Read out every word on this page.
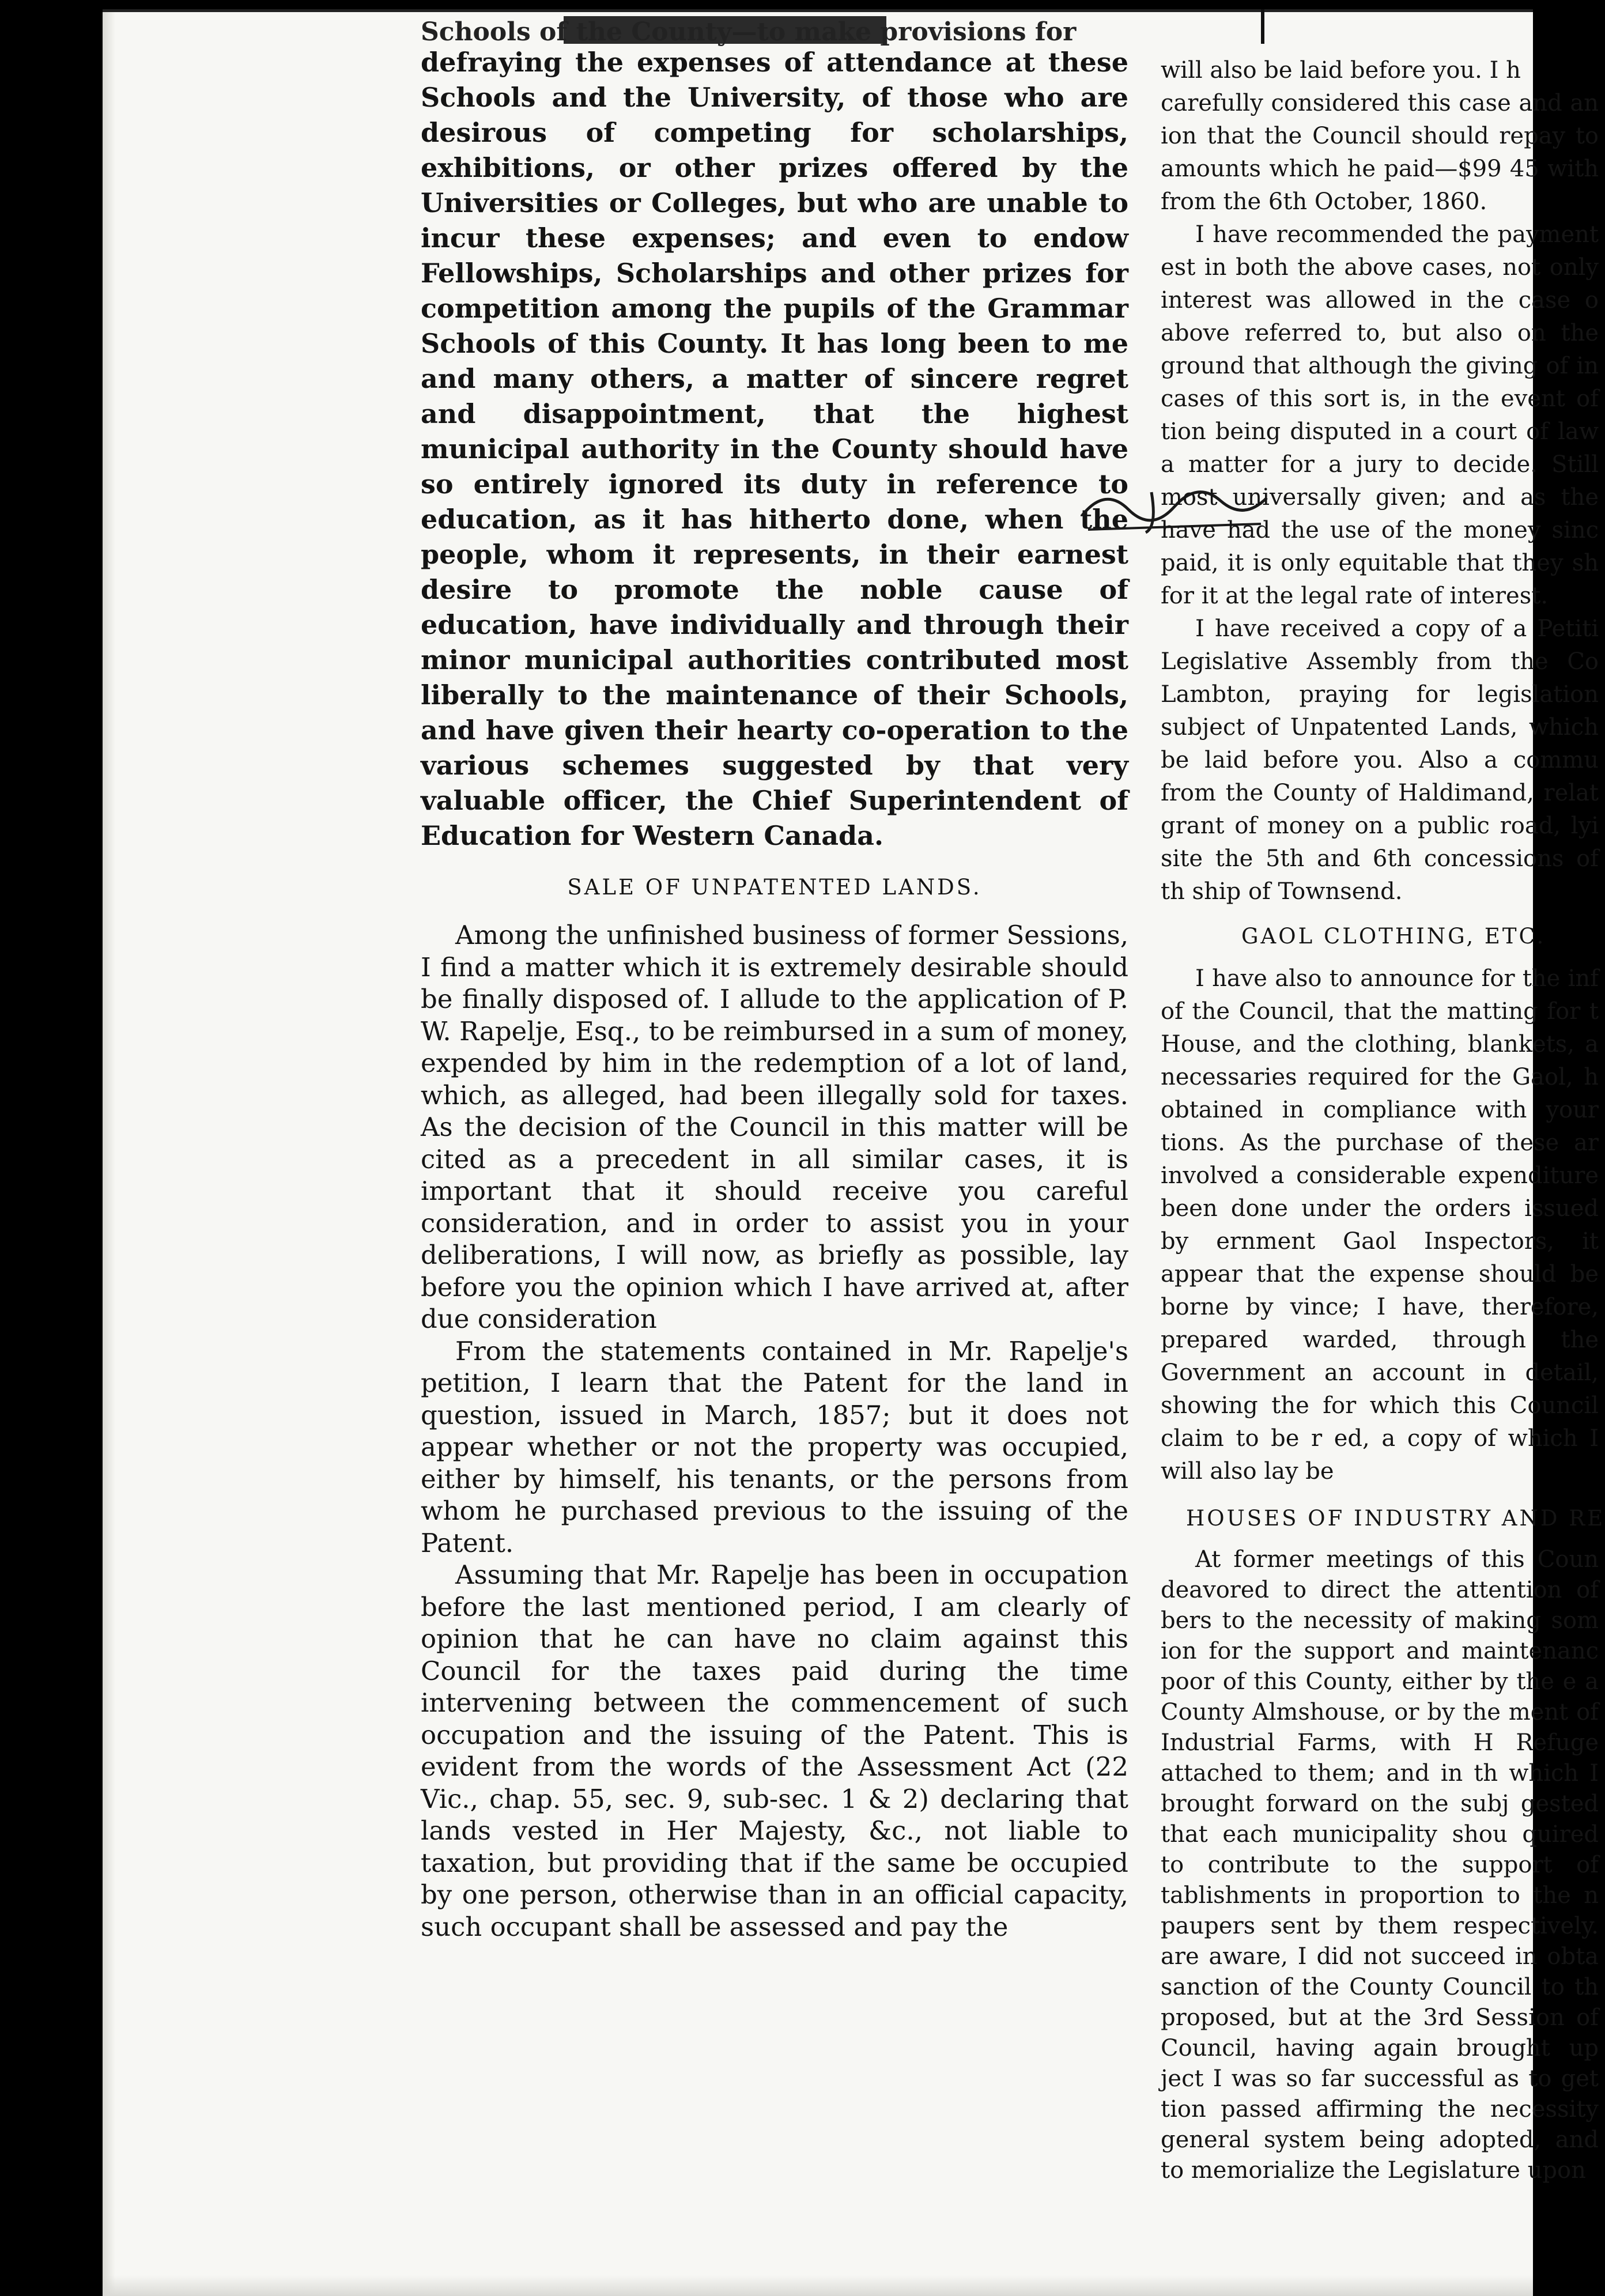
Schools of the County—to make provisions for

defraying the expenses of attendance at these Schools and the University, of those who are desirous of competing for scholarships, exhibitions, or other prizes offered by the Universities or Colleges, but who are unable to incur these expenses; and even to endow Fellowships, Scholarships and other prizes for competition among the pupils of the Grammar Schools of this County. It has long been to me and many others, a matter of sincere regret and disappointment, that the highest municipal authority in the County should have so entirely ignored its duty in reference to education, as it has hitherto done, when the people, whom it represents, in their earnest desire to promote the noble cause of education, have individually and through their minor municipal authorities contributed most liberally to the maintenance of their Schools, and have given their hearty co-operation to the various schemes suggested by that very valuable officer, the Chief Superintendent of Education for Western Canada.

SALE OF UNPATENTED LANDS.

Among the unfinished business of former Sessions, I find a matter which it is extremely desirable should be finally disposed of. I allude to the application of P. W. Rapelje, Esq., to be reimbursed in a sum of money, expended by him in the redemption of a lot of land, which, as alleged, had been illegally sold for taxes. As the decision of the Council in this matter will be cited as a precedent in all similar cases, it is important that it should receive you careful consideration, and in order to assist you in your deliberations, I will now, as briefly as possible, lay before you the opinion which I have arrived at, after due consideration

From the statements contained in Mr. Rapelje's petition, I learn that the Patent for the land in question, issued in March, 1857; but it does not appear whether or not the property was occupied, either by himself, his tenants, or the persons from whom he purchased previous to the issuing of the Patent.

Assuming that Mr. Rapelje has been in occupation before the last mentioned period, I am clearly of opinion that he can have no claim against this Council for the taxes paid during the time intervening between the commencement of such occupation and the issuing of the Patent. This is evident from the words of the Assessment Act (22 Vic., chap. 55, sec. 9, sub-sec. 1 & 2) declaring that lands vested in Her Majesty, &c., not liable to taxation, but providing that if the same be occupied by one person, otherwise than in an official capacity, such occupant shall be assessed and pay the

will also be laid before you. I h

carefully considered this case and an ion that the Council should repay to amounts which he paid—$99 45 with from the 6th October, 1860.

I have recommended the payment est in both the above cases, not only interest was allowed in the case o above referred to, but also on the ground that although the giving of in cases of this sort is, in the event of tion being disputed in a court of law a matter for a jury to decide. Still most universally given; and as the have had the use of the money sinc paid, it is only equitable that they sh for it at the legal rate of interest.

I have received a copy of a Petiti Legislative Assembly from the Co Lambton, praying for legislation subject of Unpatented Lands, which be laid before you. Also a commu from the County of Haldimand, relat grant of money on a public road, lyi site the 5th and 6th concessions of th ship of Townsend.

GAOL CLOTHING, ETC.

I have also to announce for the inf of the Council, that the matting for t House, and the clothing, blankets, a necessaries required for the Gaol, h obtained in compliance with your tions. As the purchase of these ar involved a considerable expenditure been done under the orders issued by ernment Gaol Inspectors, it appear that the expense should be borne by vince; I have, therefore, prepared warded, through the Government an account in detail, showing the for which this Council claim to be r ed, a copy of which I will also lay be

HOUSES OF INDUSTRY AND RE

At former meetings of this Coun deavored to direct the attention of bers to the necessity of making som ion for the support and maintenanc poor of this County, either by the e a County Almshouse, or by the ment of Industrial Farms, with H Refuge attached to them; and in th which I brought forward on the subj gested that each municipality shou quired to contribute to the support of tablishments in proportion to the n paupers sent by them respectively. are aware, I did not succeed in obta sanction of the County Council to th proposed, but at the 3rd Session of Council, having again brought up ject I was so far successful as to get tion passed affirming the necessity general system being adopted, and to memorialize the Legislature upon
